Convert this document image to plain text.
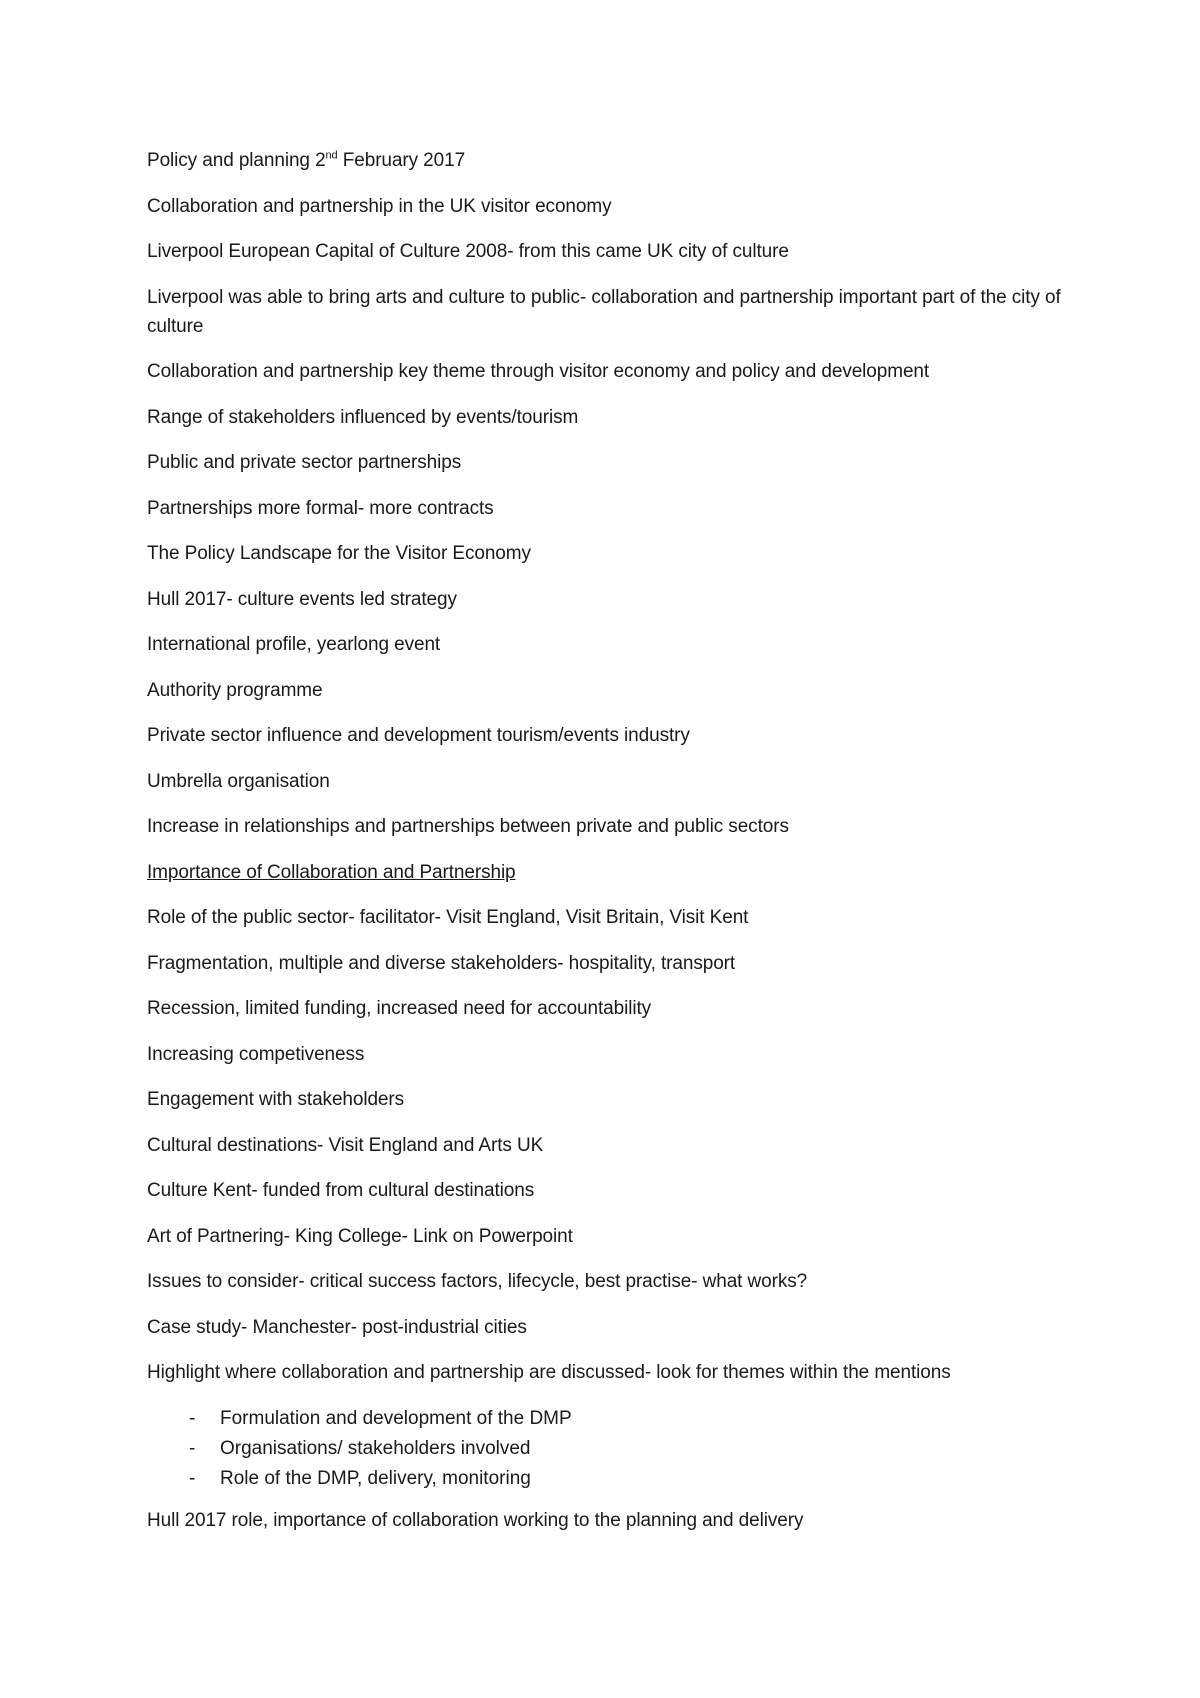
Policy and planning 2nd February 2017

Collaboration and partnership in the UK visitor economy

Liverpool European Capital of Culture 2008- from this came UK city of culture

Liverpool was able to bring arts and culture to public- collaboration and partnership important part of the city of culture

Collaboration and partnership key theme through visitor economy and policy and development

Range of stakeholders influenced by events/tourism

Public and private sector partnerships

Partnerships more formal- more contracts

The Policy Landscape for the Visitor Economy

Hull 2017- culture events led strategy

International profile, yearlong event

Authority programme

Private sector influence and development tourism/events industry

Umbrella organisation

Increase in relationships and partnerships between private and public sectors

Importance of Collaboration and Partnership

Role of the public sector- facilitator- Visit England, Visit Britain, Visit Kent

Fragmentation, multiple and diverse stakeholders- hospitality, transport

Recession, limited funding, increased need for accountability

Increasing competiveness

Engagement with stakeholders

Cultural destinations- Visit England and Arts UK

Culture Kent- funded from cultural destinations

Art of Partnering- King College- Link on Powerpoint

Issues to consider- critical success factors, lifecycle, best practise- what works?

Case study- Manchester- post-industrial cities

Highlight where collaboration and partnership are discussed- look for themes within the mentions

-	Formulation and development of the DMP
-	Organisations/ stakeholders involved
-	Role of the DMP, delivery, monitoring

Hull 2017 role, importance of collaboration working to the planning and delivery
